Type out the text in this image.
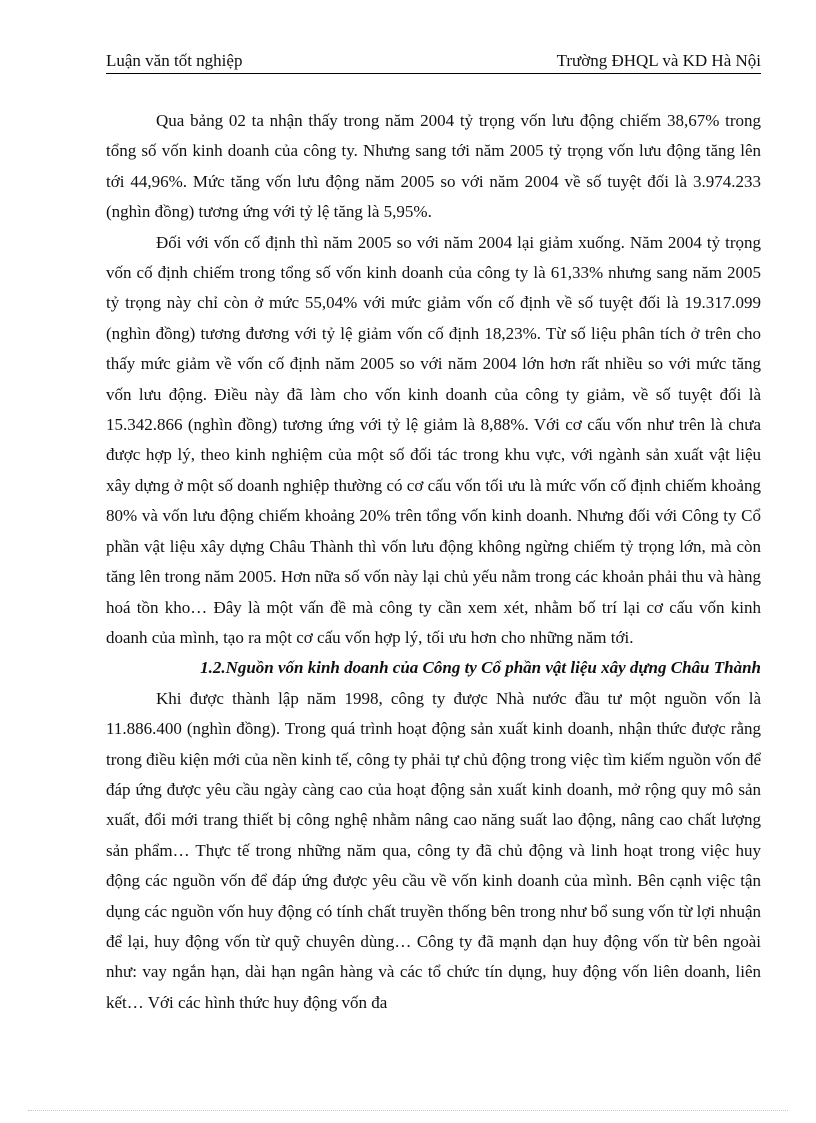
Luận văn tốt nghiệp	Trường ĐHQL và KD Hà Nội

Qua bảng 02 ta nhận thấy trong năm 2004 tỷ trọng vốn lưu động chiếm 38,67% trong tổng số vốn kinh doanh của công ty. Nhưng sang tới năm 2005 tỷ trọng vốn lưu động tăng lên tới 44,96%. Mức tăng vốn lưu động năm 2005 so với năm 2004 về số tuyệt đối là 3.974.233 (nghìn đồng) tương ứng với tỷ lệ tăng là 5,95%.

Đối với vốn cố định thì năm 2005 so với năm 2004 lại giảm xuống. Năm 2004 tỷ trọng vốn cố định chiếm trong tổng số vốn kinh doanh của công ty là 61,33% nhưng sang năm 2005 tỷ trọng này chỉ còn ở mức 55,04% với mức giảm vốn cố định về số tuyệt đối là 19.317.099 (nghìn đồng) tương đương với tỷ lệ giảm vốn cố định 18,23%. Từ số liệu phân tích ở trên cho thấy mức giảm về vốn cố định năm 2005 so với năm 2004 lớn hơn rất nhiều so với mức tăng vốn lưu động. Điều này đã làm cho vốn kinh doanh của công ty giảm, về số tuyệt đối là 15.342.866 (nghìn đồng) tương ứng với tỷ lệ giảm là 8,88%. Với cơ cấu vốn như trên là chưa được hợp lý, theo kinh nghiệm của một số đối tác trong khu vực, với ngành sản xuất vật liệu xây dựng ở một số doanh nghiệp thường có cơ cấu vốn tối ưu là mức vốn cố định chiếm khoảng 80% và vốn lưu động chiếm khoảng 20% trên tổng vốn kinh doanh. Nhưng đối với Công ty Cổ phần vật liệu xây dựng Châu Thành thì vốn lưu động không ngừng chiếm tỷ trọng lớn, mà còn tăng lên trong năm 2005. Hơn nữa số vốn này lại chủ yếu nằm trong các khoản phải thu và hàng hoá tồn kho… Đây là một vấn đề mà công ty cần xem xét, nhằm bố trí lại cơ cấu vốn kinh doanh của mình, tạo ra một cơ cấu vốn hợp lý, tối ưu hơn cho những năm tới.

1.2.Nguồn vốn kinh doanh của Công ty Cổ phần vật liệu xây dựng Châu Thành

Khi được thành lập năm 1998, công ty được Nhà nước đầu tư một nguồn vốn là 11.886.400 (nghìn đồng). Trong quá trình hoạt động sản xuất kinh doanh, nhận thức được rằng trong điều kiện mới của nền kinh tế, công ty phải tự chủ động trong việc tìm kiếm nguồn vốn để đáp ứng được yêu cầu ngày càng cao của hoạt động sản xuất kinh doanh, mở rộng quy mô sản xuất, đổi mới trang thiết bị công nghệ nhằm nâng cao năng suất lao động, nâng cao chất lượng sản phẩm… Thực tế trong những năm qua, công ty đã chủ động và linh hoạt trong việc huy động các nguồn vốn để đáp ứng được yêu cầu về vốn kinh doanh của mình. Bên cạnh việc tận dụng các nguồn vốn huy động có tính chất truyền thống bên trong như bổ sung vốn từ lợi nhuận để lại, huy động vốn từ quỹ chuyên dùng… Công ty đã mạnh dạn huy động vốn từ bên ngoài như: vay ngắn hạn, dài hạn ngân hàng và các tổ chức tín dụng, huy động vốn liên doanh, liên kết… Với các hình thức huy động vốn đa
